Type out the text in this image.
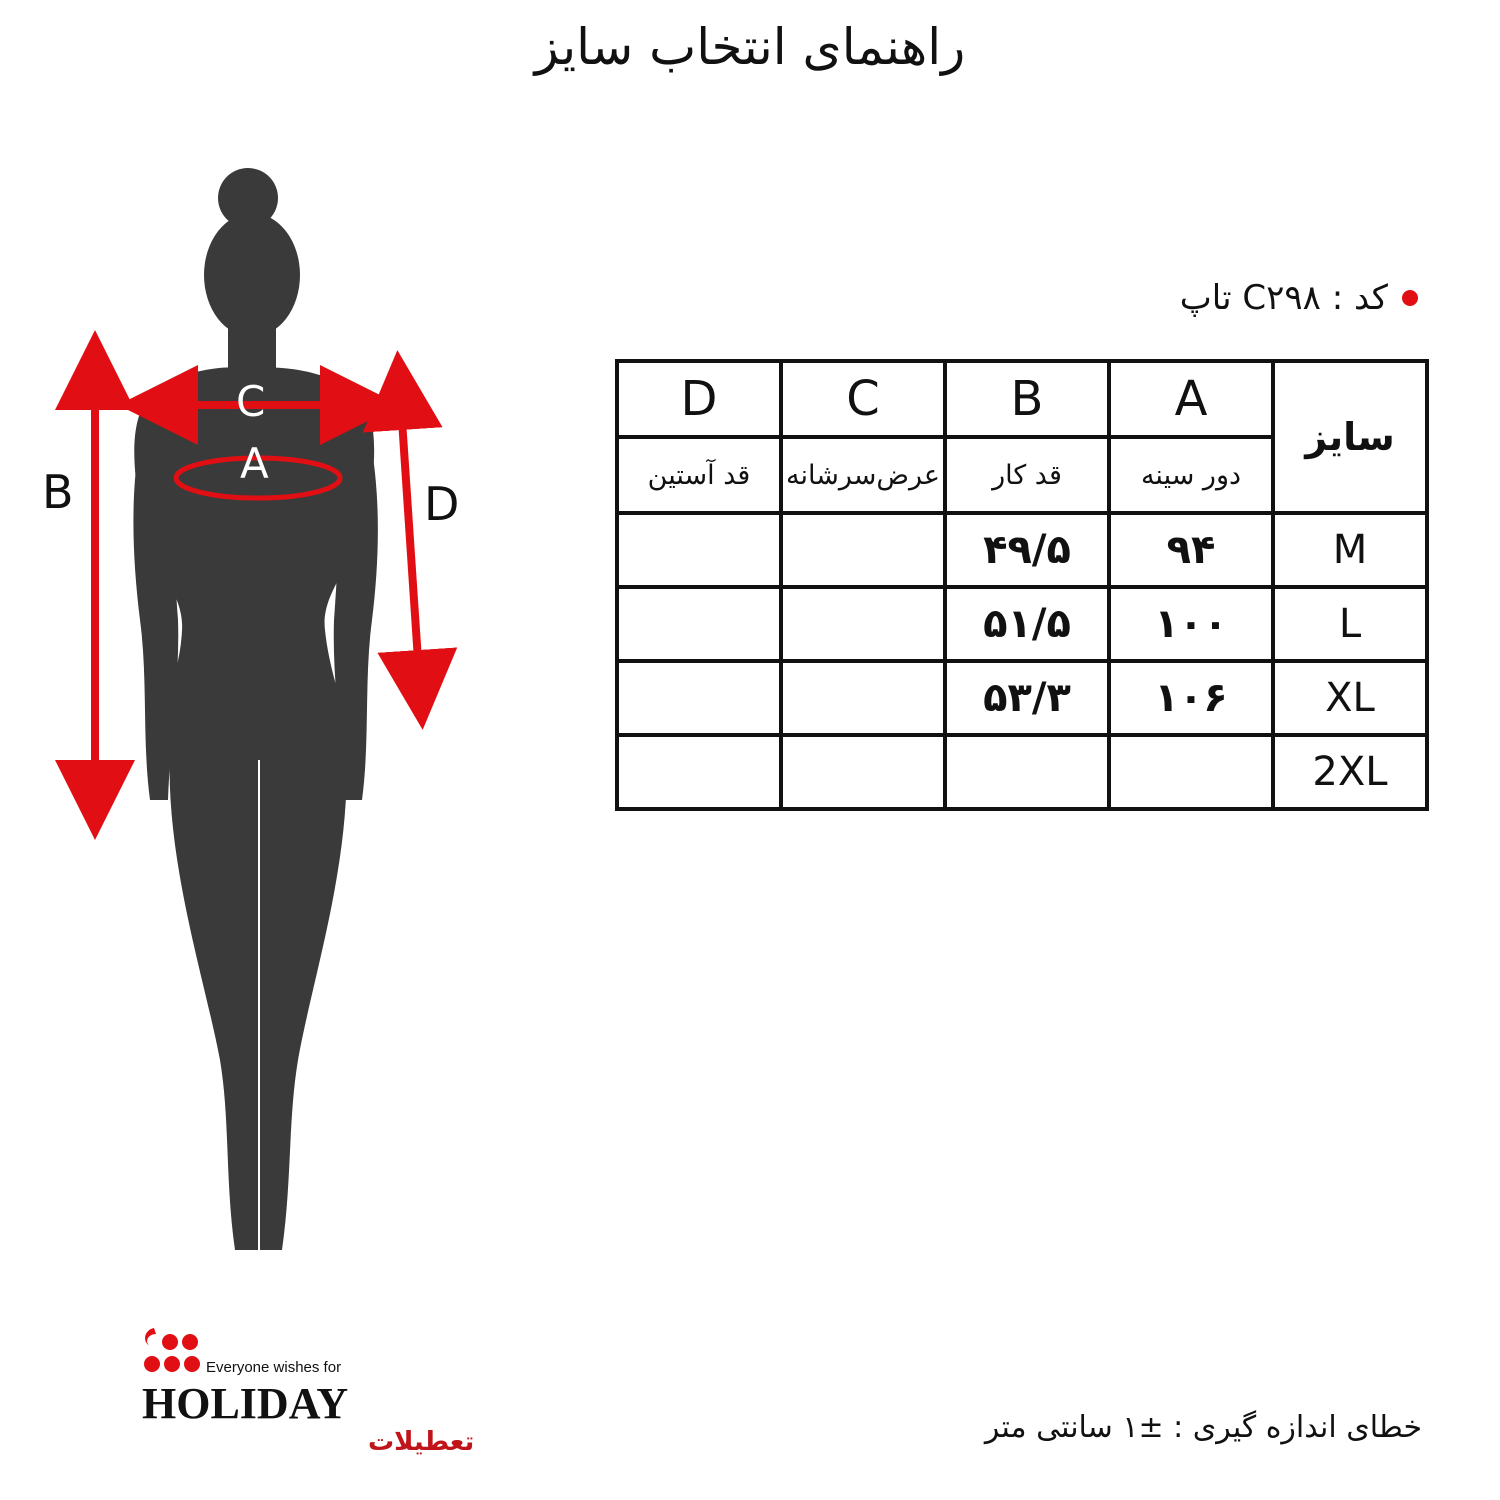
راهنمای انتخاب سایز
C
A
B	D
کد : C۲۹۸ تاپ
D	C	B	A	سایز
قد آستین	عرض‌سرشانه	قد کار	دور سینه	
		۴۹/۵	۹۴	M
		۵۱/۵	۱۰۰	L
		۵۳/۳	۱۰۶	XL
				2XL
Everyone wishes for
HOLIDAY
تعطیلات	خطای اندازه گیری : ±۱ سانتی متر
